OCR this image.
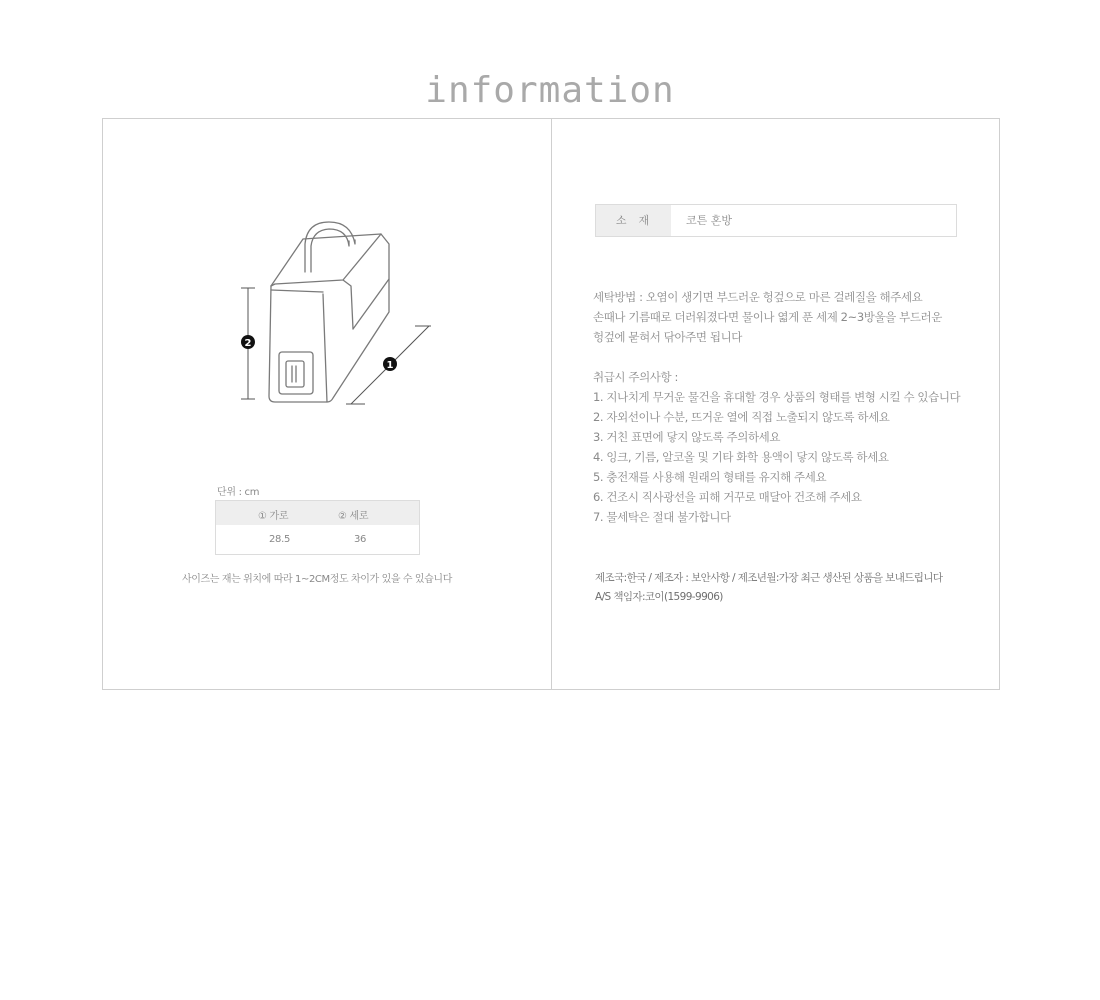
information
2
1
단위 : cm
① 가로	② 세로
28.5	36
사이즈는 재는 위치에 따라 1~2CM정도 차이가 있을 수 있습니다
소재	코튼 혼방
세탁방법 : 오염이 생기면 부드러운 헝겊으로 마른 걸레질을 해주세요
손때나 기름때로 더러워졌다면 물이나 엷게 푼 세제 2~3방울을 부드러운
헝겊에 묻혀서 닦아주면 됩니다
취급시 주의사항 :
1. 지나치게 무거운 물건을 휴대할 경우 상품의 형태를 변형 시킬 수 있습니다
2. 자외선이나 수분, 뜨거운 열에 직접 노출되지 않도록 하세요
3. 거친 표면에 닿지 않도록 주의하세요
4. 잉크, 기름, 알코올 및 기타 화학 용액이 닿지 않도록 하세요
5. 충전재를 사용해 원래의 형태를 유지해 주세요
6. 건조시 직사광선을 피해 거꾸로 매달아 건조해 주세요
7. 물세탁은 절대 불가합니다
제조국:한국 / 제조자 : 보안사항 / 제조년월:가장 최근 생산된 상품을 보내드립니다
A/S 책임자:코이(1599-9906)
